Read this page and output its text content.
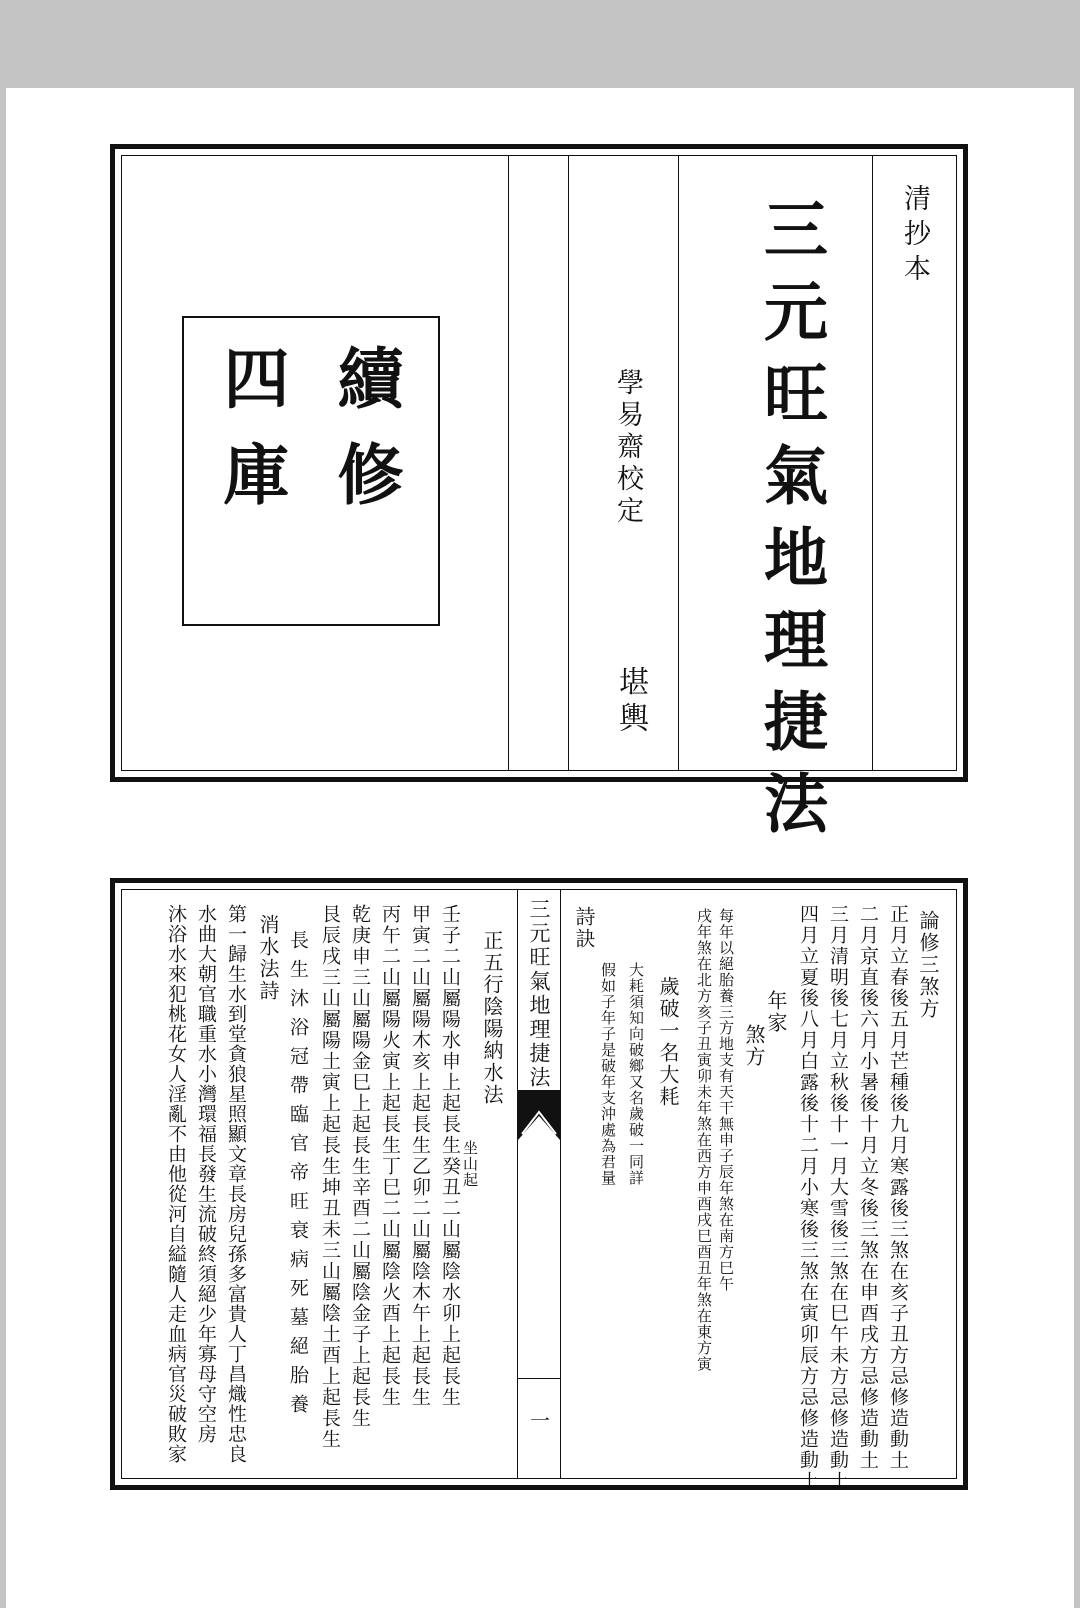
清抄本
三元旺氣地理捷法
學易齋校定
堪輿
續修
四庫
三元旺氣地理捷法
一
論修三煞方
正月立春後五月芒種後九月寒露後三煞在亥子丑方忌修造動土
二月京直後六月小暑後十月立冬後三煞在申酉戌方忌修造動土
三月清明後七月立秋後十一月大雪後三煞在巳午未方忌修造動土
四月立夏後八月白露後十二月小寒後三煞在寅卯辰方忌修造動土
年家
煞方
每年以絕胎養三方地支有天干無申子辰年煞在南方巳午
戌年煞在北方亥子丑寅卯未年煞在西方申酉戌巳酉丑年煞在東方寅
歲破一名大耗
大耗須知向破鄉又名歲破一同詳
假如子年子是破年支沖處為君量
詩訣
正五行陰陽納水法
坐山起
壬子二山屬陽水申上起長生癸丑二山屬陰水卯上起長生
甲寅二山屬陽木亥上起長生乙卯二山屬陰木午上起長生
丙午二山屬陽火寅上起長生丁巳二山屬陰火酉上起長生
乾庚申三山屬陽金巳上起長生辛酉二山屬陰金子上起長生
艮辰戌三山屬陽土寅上起長生坤丑未三山屬陰土酉上起長生
長生沐浴冠帶臨官帝旺衰病死墓絕胎養
消水法詩
第一歸生水到堂貪狼星照顯文章長房兒孫多富貴人丁昌熾性忠良
水曲大朝官職重水小灣環福長發生流破終須絕少年寡母守空房
沐浴水來犯桃花女人淫亂不由他從河自縊隨人走血病官災破敗家
